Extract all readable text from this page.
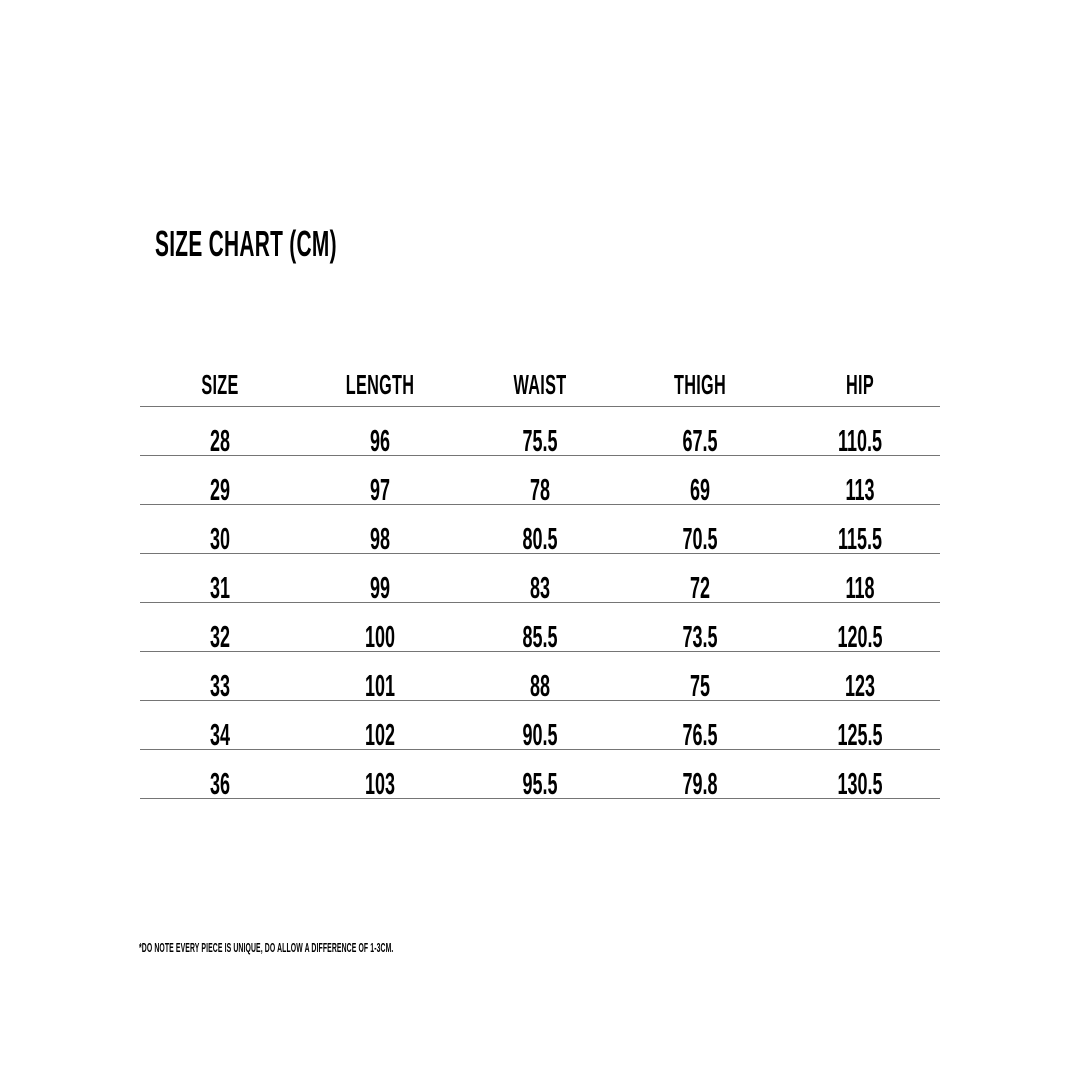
SIZE CHART (CM)
SIZE	LENGTH	WAIST	THIGH	HIP
28	96	75.5	67.5	110.5
29	97	78	69	113
30	98	80.5	70.5	115.5
31	99	83	72	118
32	100	85.5	73.5	120.5
33	101	88	75	123
34	102	90.5	76.5	125.5
36	103	95.5	79.8	130.5
*DO NOTE EVERY PIECE IS UNIQUE, DO ALLOW A DIFFERENCE OF 1-3CM.
